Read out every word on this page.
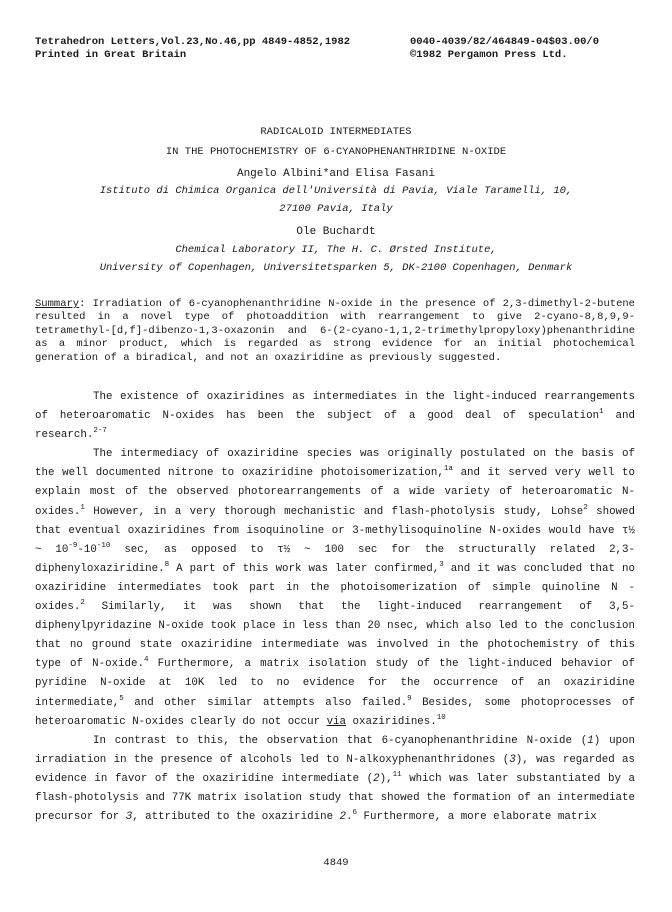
Tetrahedron Letters,Vol.23,No.46,pp 4849-4852,1982
Printed in Great Britain
0040-4039/82/464849-04$03.00/0
©1982 Pergamon Press Ltd.
RADICALOID INTERMEDIATES
IN THE PHOTOCHEMISTRY OF 6-CYANOPHENANTHRIDINE N-OXIDE
Angelo Albini*and Elisa Fasani
Istituto di Chimica Organica dell'Università di Pavia, Viale Taramelli, 10,
27100 Pavia, Italy
Ole Buchardt
Chemical Laboratory II, The H. C. Ørsted Institute,
University of Copenhagen, Universitetsparken 5, DK-2100 Copenhagen, Denmark
Summary: Irradiation of 6-cyanophenanthridine N-oxide in the presence of 2,3-dimethyl-2-butene resulted in a novel type of photoaddition with rearrangement to give 2-cyano-8,8,9,9-tetramethyl-[d,f]-dibenzo-1,3-oxazonin and 6-(2-cyano-1,1,2-trimethylpropyloxy)phenanthridine as a minor product, which is regarded as strong evidence for an initial photochemical generation of a biradical, and not an oxaziridine as previously suggested.

The existence of oxaziridines as intermediates in the light-induced rearrangements of heteroaromatic N-oxides has been the subject of a good deal of speculation$^1$ and research.$^{2-7}$

The intermediacy of oxaziridine species was originally postulated on the basis of the well documented nitrone to oxaziridine photoisomerization,$^{1a}$ and it served very well to explain most of the observed photorearrangements of a wide variety of heteroaromatic N-oxides.$^1$ However, in a very thorough mechanistic and flash-photolysis study, Lohse$^2$ showed that eventual oxaziridines from isoquinoline or 3-methylisoquinoline N-oxides would have τ½ ~ $10^{-9}-10^{-10}$ sec, as opposed to τ½ ~ 100 sec for the structurally related 2,3-diphenyloxaziridine.$^8$ A part of this work was later confirmed,$^3$ and it was concluded that no oxaziridine intermediates took part in the photoisomerization of simple quinoline N -oxides.$^2$ Similarly, it was shown that the light-induced rearrangement of 3,5-diphenylpyridazine N-oxide took place in less than 20 nsec, which also led to the conclusion that no ground state oxaziridine intermediate was involved in the photochemistry of this type of N-oxide.$^4$ Furthermore, a matrix isolation study of the light-induced behavior of pyridine N-oxide at 10K led to no evidence for the occurrence of an oxaziridine intermediate,$^5$ and other similar attempts also failed.$^9$ Besides, some photoprocesses of heteroaromatic N-oxides clearly do not occur via oxaziridines.$^{10}$

In contrast to this, the observation that 6-cyanophenanthridine N-oxide (1) upon irradiation in the presence of alcohols led to N-alkoxyphenanthridones (3), was regarded as evidence in favor of the oxaziridine intermediate (2),$^{11}$ which was later substantiated by a flash-photolysis and 77K matrix isolation study that showed the formation of an intermediate precursor for 3, attributed to the oxaziridine 2.$^6$ Furthermore, a more elaborate matrix

4849
